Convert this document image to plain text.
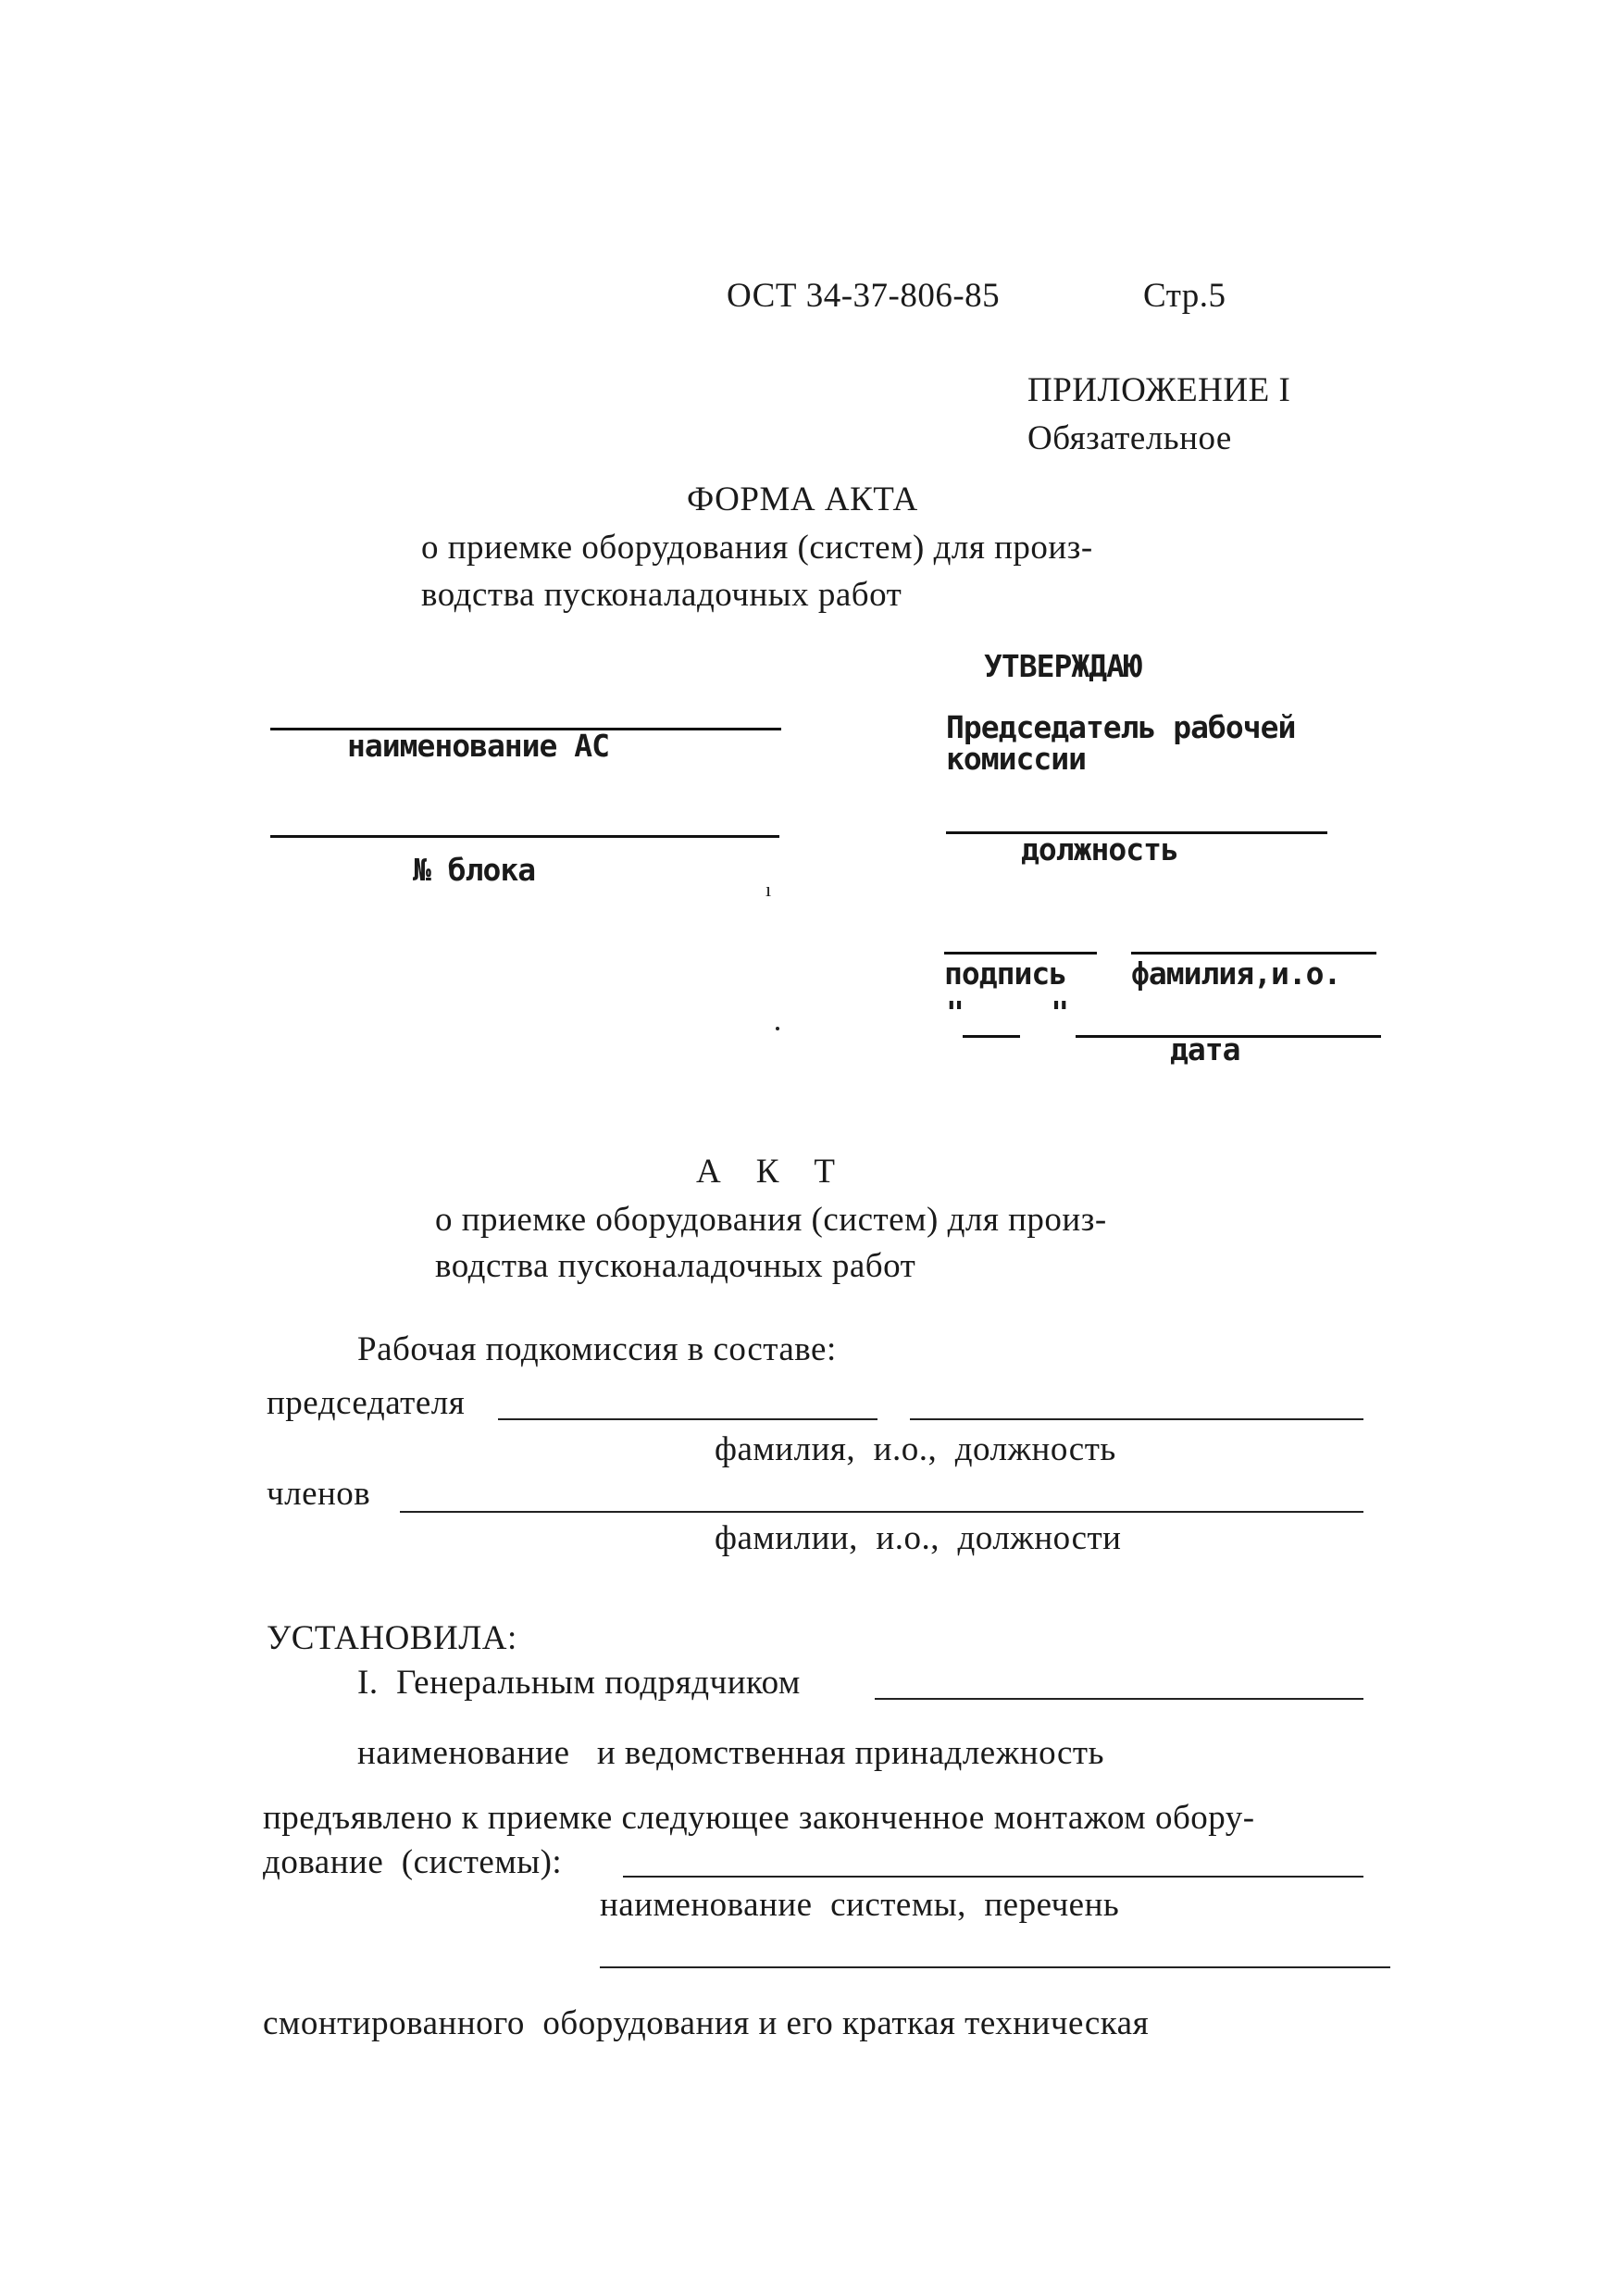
ОСТ 34-37-806-85	Стр.5
ПРИЛОЖЕНИЕ I
Обязательное
ФОРМА АКТА
о приемке оборудования (систем) для произ-
водства пусконаладочных работ
наименование АС
№ блока
ı
УТВЕРЖДАЮ
Председатель рабочей
комиссии
должность
подпись фамилия,и.о.
"     "
дата
АКТ
о приемке оборудования (систем) для произ-
водства пусконаладочных работ
Рабочая подкомиссия в составе:
председателя
фамилия,  и.о.,  должность
членов
фамилии,  и.о.,  должности
УСТАНОВИЛА:
I.  Генеральным подрядчиком
наименование   и ведомственная принадлежность
предъявлено к приемке следующее законченное монтажом обору-
дование  (системы):
наименование  системы,  перечень
смонтированного  оборудования и его краткая техническая
